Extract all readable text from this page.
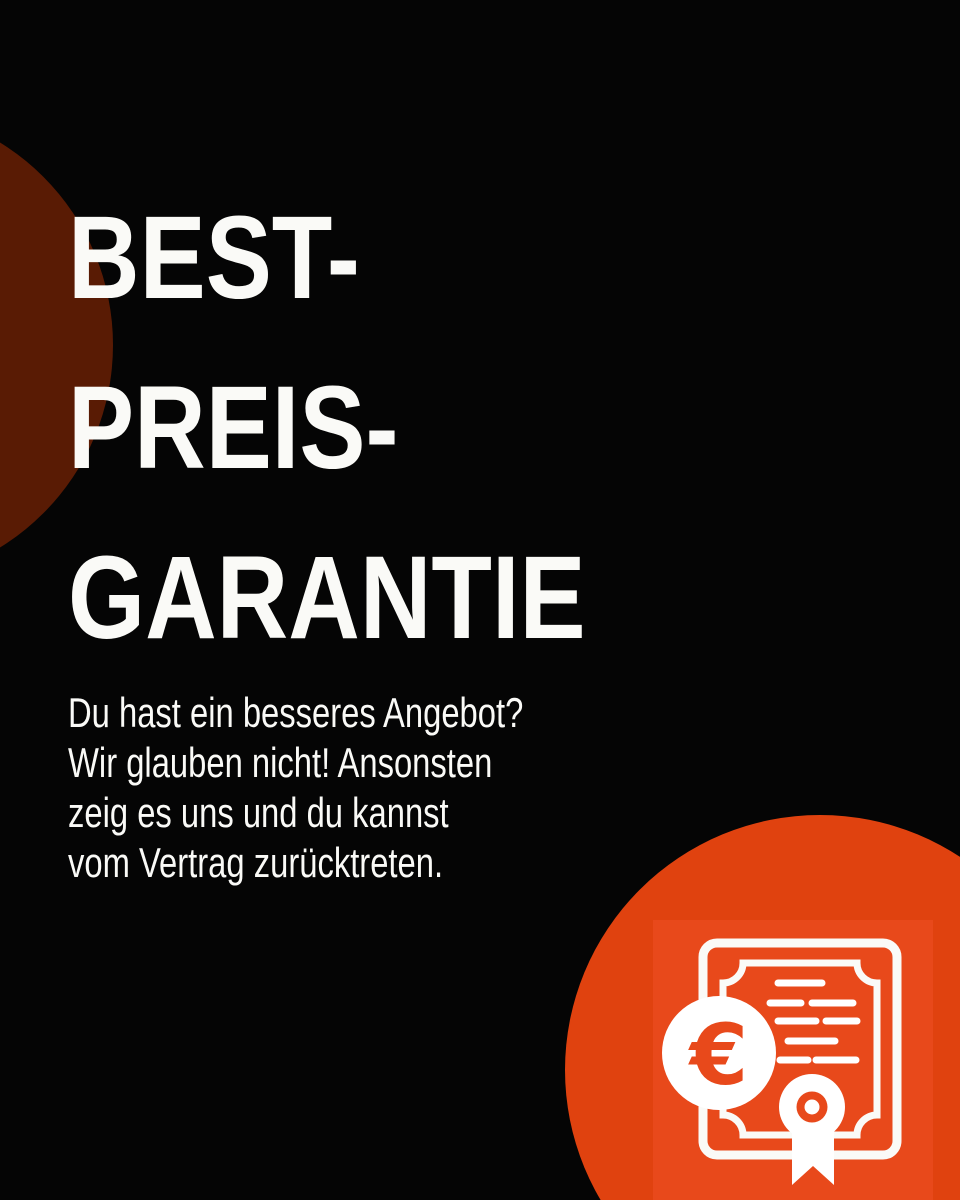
€
BEST-
PREIS-
GARANTIE
Du hast ein besseres Angebot?
Wir glauben nicht! Ansonsten
zeig es uns und du kannst
vom Vertrag zurücktreten.
